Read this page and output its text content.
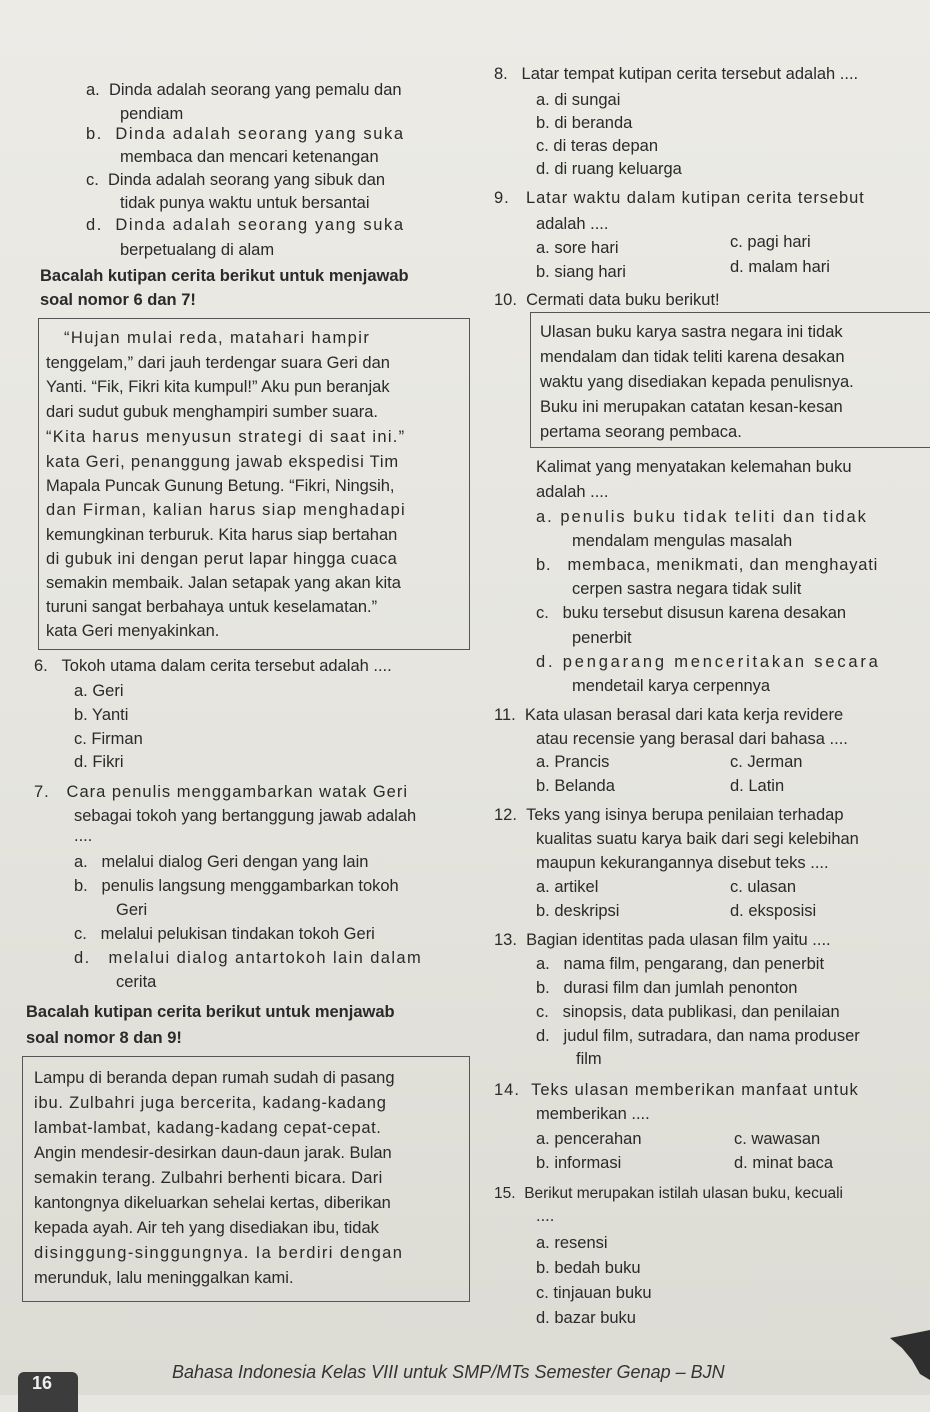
a. Dinda adalah seorang yang pemalu dan
pendiam
b. Dinda adalah seorang yang suka
membaca dan mencari ketenangan
c. Dinda adalah seorang yang sibuk dan
tidak punya waktu untuk bersantai
d. Dinda adalah seorang yang suka
berpetualang di alam
Bacalah kutipan cerita berikut untuk menjawab
soal nomor 6 dan 7!
“Hujan mulai reda, matahari hampir
tenggelam,” dari jauh terdengar suara Geri dan
Yanti. “Fik, Fikri kita kumpul!” Aku pun beranjak
dari sudut gubuk menghampiri sumber suara.
“Kita harus menyusun strategi di saat ini.”
kata Geri, penanggung jawab ekspedisi Tim
Mapala Puncak Gunung Betung. “Fikri, Ningsih,
dan Firman, kalian harus siap menghadapi
kemungkinan terburuk. Kita harus siap bertahan
di gubuk ini dengan perut lapar hingga cuaca
semakin membaik. Jalan setapak yang akan kita
turuni sangat berbahaya untuk keselamatan.”
kata Geri menyakinkan.
6. Tokoh utama dalam cerita tersebut adalah ....
a. Geri
b. Yanti
c. Firman
d. Fikri
7. Cara penulis menggambarkan watak Geri
sebagai tokoh yang bertanggung jawab adalah
....
a. melalui dialog Geri dengan yang lain
b. penulis langsung menggambarkan tokoh
Geri
c. melalui pelukisan tindakan tokoh Geri
d. melalui dialog antartokoh lain dalam
cerita
Bacalah kutipan cerita berikut untuk menjawab
soal nomor 8 dan 9!
Lampu di beranda depan rumah sudah di pasang
ibu. Zulbahri juga bercerita, kadang-kadang
lambat-lambat, kadang-kadang cepat-cepat.
Angin mendesir-desirkan daun-daun jarak. Bulan
semakin terang. Zulbahri berhenti bicara. Dari
kantongnya dikeluarkan sehelai kertas, diberikan
kepada ayah. Air teh yang disediakan ibu, tidak
disinggung-singgungnya. Ia berdiri dengan
merunduk, lalu meninggalkan kami.
8. Latar tempat kutipan cerita tersebut adalah ....
a. di sungai
b. di beranda
c. di teras depan
d. di ruang keluarga
9. Latar waktu dalam kutipan cerita tersebut
adalah ....
a. sore hari	c. pagi hari
b. siang hari	d. malam hari
10. Cermati data buku berikut!
Ulasan buku karya sastra negara ini tidak
mendalam dan tidak teliti karena desakan
waktu yang disediakan kepada penulisnya.
Buku ini merupakan catatan kesan-kesan
pertama seorang pembaca.
Kalimat yang menyatakan kelemahan buku
adalah ....
a. penulis buku tidak teliti dan tidak
mendalam mengulas masalah
b. membaca, menikmati, dan menghayati
cerpen sastra negara tidak sulit
c. buku tersebut disusun karena desakan
penerbit
d. pengarang menceritakan secara
mendetail karya cerpennya
11. Kata ulasan berasal dari kata kerja revidere
atau recensie yang berasal dari bahasa ....
a. Prancis	c. Jerman
b. Belanda	d. Latin
12. Teks yang isinya berupa penilaian terhadap
kualitas suatu karya baik dari segi kelebihan
maupun kekurangannya disebut teks ....
a. artikel	c. ulasan
b. deskripsi	d. eksposisi
13. Bagian identitas pada ulasan film yaitu ....
a. nama film, pengarang, dan penerbit
b. durasi film dan jumlah penonton
c. sinopsis, data publikasi, dan penilaian
d. judul film, sutradara, dan nama produser
film
14. Teks ulasan memberikan manfaat untuk
memberikan ....
a. pencerahan	c. wawasan
b. informasi	d. minat baca
15. Berikut merupakan istilah ulasan buku, kecuali
....
a. resensi
b. bedah buku
c. tinjauan buku
d. bazar buku
16
Bahasa Indonesia Kelas VIII untuk SMP/MTs Semester Genap – BJN
